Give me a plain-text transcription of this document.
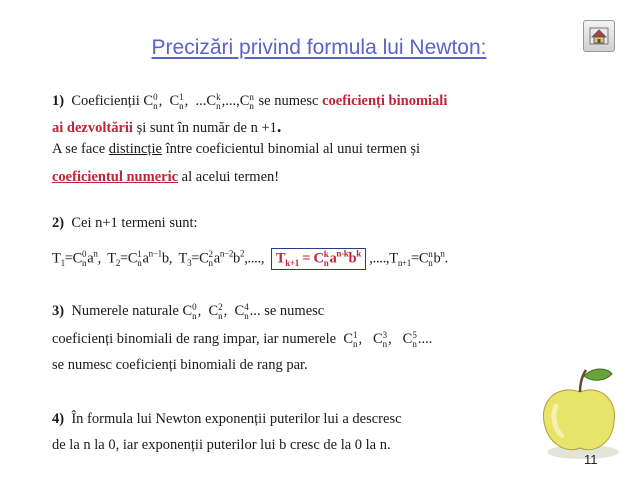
Precizări privind formula lui Newton:
1) Coeficienții C 0
n ,  C 1
n ,  ...C k
n ,...,C n
n se numesc coeficienți binomiali
ai dezvoltării și sunt în număr de n +1.
A se face distincție între coeficientul binomial al unui termen și
coeficientul numeric al acelui termen!
2) Cei n+1 termeni sunt:
$T_1=C$ 0
n $a^n$,  $T_2=C$ 1
n $a^{n-1}b$,  $T_3=C$ 2
n $a^{n-2}b^2$,....,  $T_{k+1} = C$ k
n $a^{n-k}b^k$ $,....,T_{n+1}=C$ n
n $b^n$.
3) Numerele naturale C 0
n ,  C 2
n ,  C 4
n ... se numesc
coeficienți binomiali de rang impar, iar numerele C 1
n ,   C 3
n ,   C 5
n ....
se numesc coeficienți binomiali de rang par.
4) În formula lui Newton exponenții puterilor lui a descresc
de la n la 0, iar exponenții puterilor lui b cresc de la 0 la n.
11
